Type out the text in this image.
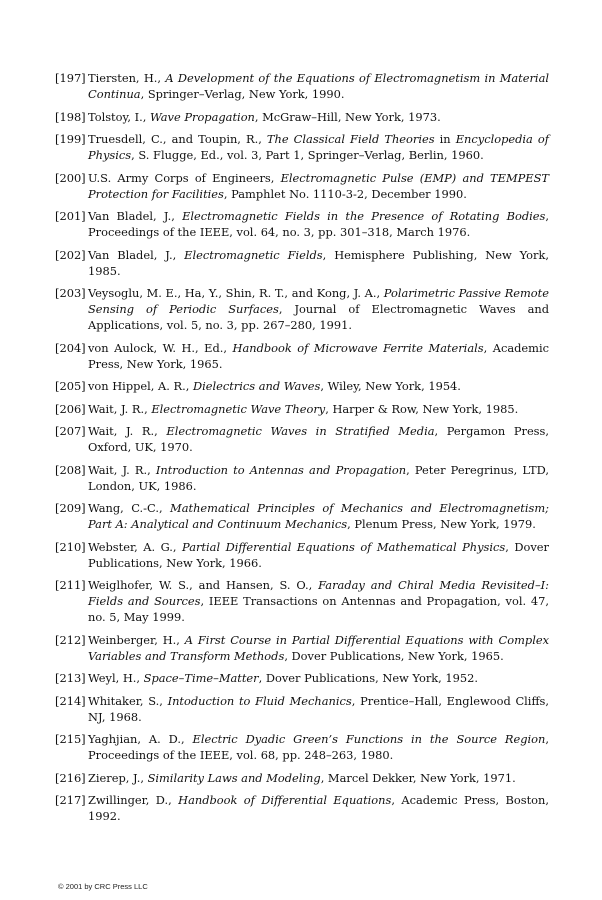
[197] Tiersten, H., A Development of the Equations of Electromagnetism in Material Continua, Springer–Verlag, New York, 1990.
[198] Tolstoy, I., Wave Propagation, McGraw–Hill, New York, 1973.
[199] Truesdell, C., and Toupin, R., The Classical Field Theories in Encyclopedia of Physics, S. Flugge, Ed., vol. 3, Part 1, Springer–Verlag, Berlin, 1960.
[200] U.S. Army Corps of Engineers, Electromagnetic Pulse (EMP) and TEMPEST Protection for Facilities, Pamphlet No. 1110-3-2, December 1990.
[201] Van Bladel, J., Electromagnetic Fields in the Presence of Rotating Bodies, Proceedings of the IEEE, vol. 64, no. 3, pp. 301–318, March 1976.
[202] Van Bladel, J., Electromagnetic Fields, Hemisphere Publishing, New York, 1985.
[203] Veysoglu, M. E., Ha, Y., Shin, R. T., and Kong, J. A., Polarimetric Passive Remote Sensing of Periodic Surfaces, Journal of Electromagnetic Waves and Applications, vol. 5, no. 3, pp. 267–280, 1991.
[204] von Aulock, W. H., Ed., Handbook of Microwave Ferrite Materials, Academic Press, New York, 1965.
[205] von Hippel, A. R., Dielectrics and Waves, Wiley, New York, 1954.
[206] Wait, J. R., Electromagnetic Wave Theory, Harper & Row, New York, 1985.
[207] Wait, J. R., Electromagnetic Waves in Stratified Media, Pergamon Press, Oxford, UK, 1970.
[208] Wait, J. R., Introduction to Antennas and Propagation, Peter Peregrinus, LTD, London, UK, 1986.
[209] Wang, C.-C., Mathematical Principles of Mechanics and Electromagnetism; Part A: Analytical and Continuum Mechanics, Plenum Press, New York, 1979.
[210] Webster, A. G., Partial Differential Equations of Mathematical Physics, Dover Publications, New York, 1966.
[211] Weiglhofer, W. S., and Hansen, S. O., Faraday and Chiral Media Revisited–I: Fields and Sources, IEEE Transactions on Antennas and Propagation, vol. 47, no. 5, May 1999.
[212] Weinberger, H., A First Course in Partial Differential Equations with Complex Variables and Transform Methods, Dover Publications, New York, 1965.
[213] Weyl, H., Space–Time–Matter, Dover Publications, New York, 1952.
[214] Whitaker, S., Intoduction to Fluid Mechanics, Prentice–Hall, Englewood Cliffs, NJ, 1968.
[215] Yaghjian, A. D., Electric Dyadic Green’s Functions in the Source Region, Proceedings of the IEEE, vol. 68, pp. 248–263, 1980.
[216] Zierep, J., Similarity Laws and Modeling, Marcel Dekker, New York, 1971.
[217] Zwillinger, D., Handbook of Differential Equations, Academic Press, Boston, 1992.
© 2001 by CRC Press LLC
